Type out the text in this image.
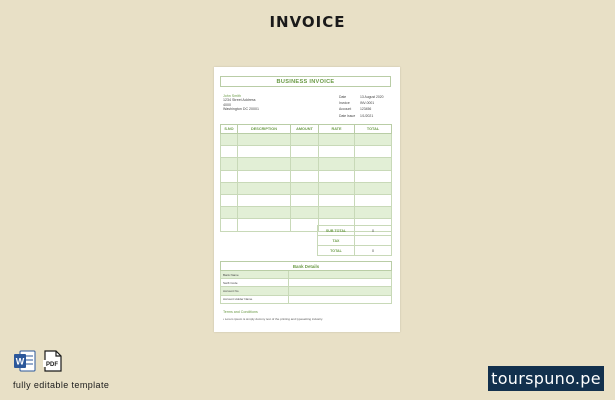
INVOICE
BUSINESS INVOICE
John Smith
1234 Street Address
4000
Washington DC 20001
Date	13 August 2020
Invoice	INV-0001
Account	123456
Date Issue	1/1/2021
S.NO	DESCRIPTION	AMOUNT	RATE	TOTAL

SUB TOTAL	0
TAX	
TOTAL	0
Bank Details	
Bank Name	
Swift Code	
Account No	
Account Holder Name	
Terms and Conditions
• Lorem ipsum is simply dummy text of the printing and typesetting industry.
W	PDF
fully editable template	tourspuno.pe
